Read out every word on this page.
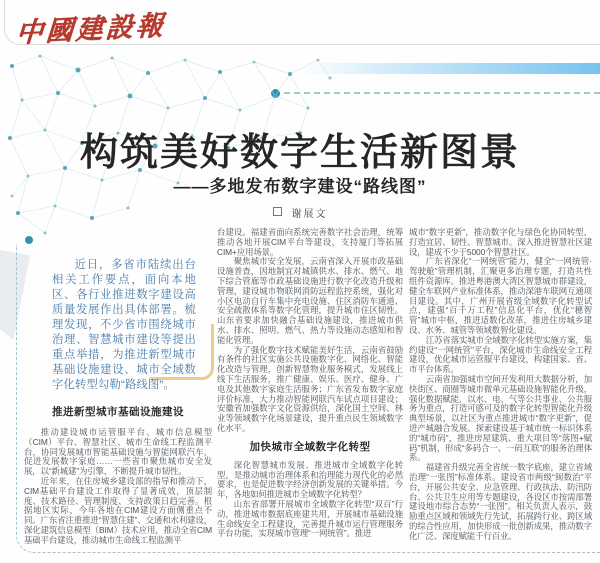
中國建設報
构筑美好数字生活新图景
——多地发布数字建设“路线图”
谢展文
近日，多省市陆续出台相关工作要点，面向本地区、各行业推进数字建设高质量发展作出具体部署。梳理发现，不少省市围绕城市治理、智慧城市建设等提出重点举措，为推进新型城市基础设施建设、城市全域数字化转型勾勒“路线图”。
推进新型城市基础设施建设
推动建设城市运管服平台、城市信息模型（CIM）平台、智慧社区、城市生命线工程监测平台，协同发展城市智能基础设施与智能网联汽车，促进发展数字家庭……一些省市聚焦城市安全发展，以“新城建”为引擎，不断提升城市韧性。
近年来，在住房城乡建设部的指导和推动下，CIM基础平台建设工作取得了显著成效，顶层制度、技术路径、管理制度、支持政策日趋完善。根据地区实际，今年各地在CIM建设方面侧重点不同。广东省注重推进“智慧住建”、交通和水利建设，深化建筑信息模型（BIM）技术应用，推动全省CIM基础平台建设，推动城市生命线工程监测平
台建设。福建省面向系统完善数字社会治理，统筹推动各地开展CIM平台等建设，支持厦门等拓展CIM+应用场景。
聚焦城市安全发展，云南省深入开展市政基础设施普查，因地制宜对城镇供水、排水、燃气、地下综合管廊等市政基础设施进行数字化改造升级和管理，建设城市物联网消防远程监控系统，强化对小区电动自行车集中充电设施、住区消防车通道、安全疏散体系等数字化管理，提升城市住区韧性。山东省要求加快融合基础设施建设，推进城市供水、排水、照明、燃气、热力等设施动态感知和智能化管理。
为了强化数字技术赋能美好生活，云南省鼓励有条件的社区实施公共设施数字化、网络化、智能化改造与管理，创新智慧物业服务模式，发展线上线下生活服务，推广健康、娱乐、医疗、健身、广电及其他数字家庭生活服务；广东省发布数字家庭评价标准，大力推动智能网联汽车试点项目建设；安徽省加强数字文化资源供给，深化国土空间、林业等领域数字化场景建设，提升重点民生领域数字化水平。
加快城市全域数字化转型
深化智慧城市发展、推进城市全域数字化转型，是推动城市治理体系和治理能力现代化的必然要求，也是促进数字经济创新发展的关键举措。今年，各地如何推进城市全域数字化转型？
山东省部署开展城市全域数字化转型“双百”行动，推进城市数据底座建共用，开展城市基础设施生命线安全工程建设，完善提升城市运行管理服务平台功能，实现城市管理“一网统管”。推进
城市“数字更新”，推动数字化与绿色化协同转型，打造宜居、韧性、智慧城市。深入推进智慧社区建设，建成不少于5000个智慧社区。
广东省深化“一网统管”能力，健全“一网统管·驾驶舱”管理机制，汇聚更多治理专题，打造共性组件资源库。推进粤港澳大湾区智慧城市群建设，健全车联网产业标准体系，推动深港车联网互通项目建设。其中，广州开展省级全域数字化转型试点，建强“百千万工程”信息化平台，优化“穗智管”城市中枢，推进适数化改革，推进住房城乡建设、水务、城管等领域数智化建设。
江苏省落实城市全域数字化转型实施方案，集约建设“一网统管”平台，深化城市生命线安全工程建设，优化城市运管服平台建设，构建国家、省、市平台体系。
云南省加强城市空间开发利用大数据分析，加快街区、商圈等城市微单元基础设施智能化升级，强化数据赋能，以水、电、气等公共事业、公共服务为重点，打造可感可及的数字化转型智能化升级典型场景，以社区为重点推进城市“数字更新”，促进产城融合发展。探索建设基于城市统一标识体系的“城市码”，推进房屋建筑、重大项目等“落图+赋码”机制，形成“多码合一、一码互联”的服务治理体系。
福建省升级完善全省统一数字底座，建立省域治理“一张图”标准体系。建设省市两级“闽数治”平台，开展公共安全、应急管理、行政执法、防汛防台、公共卫生应用等专题建设，各设区市按需部署建设地市综合态势“一张图”。相关负责人表示，鼓励重点区域和领域先行先试，拓展跨行业、跨区域的综合性应用，加快形成一批创新成果，推动数字化广泛、深度赋能千行百业。
